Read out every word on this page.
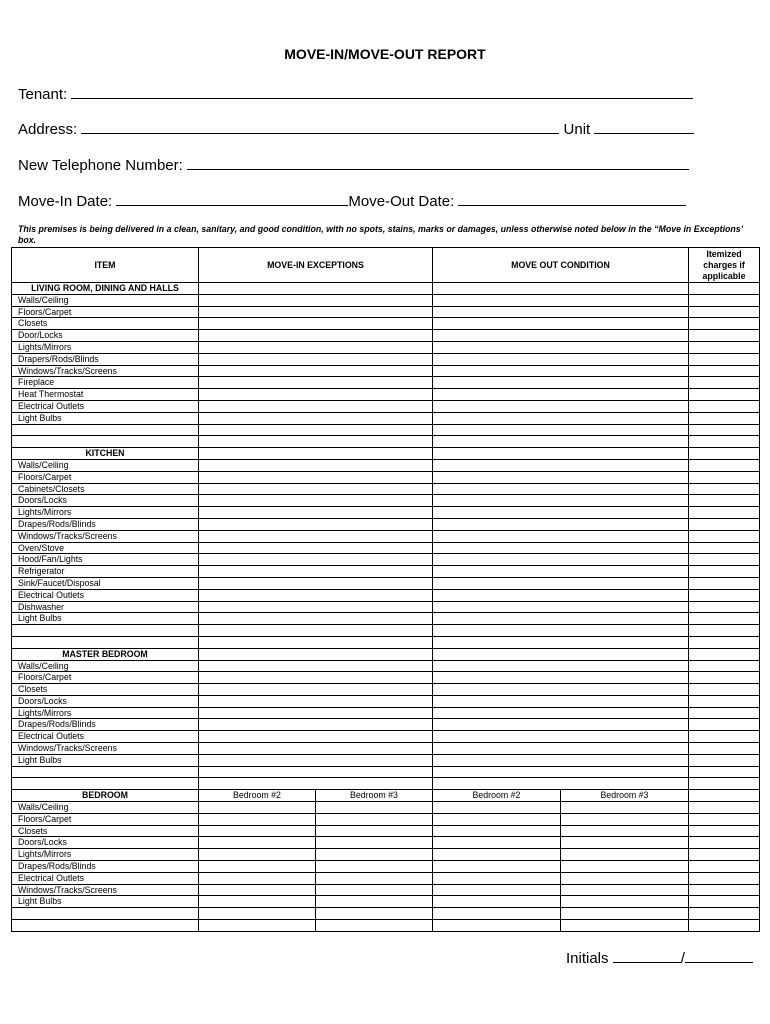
MOVE-IN/MOVE-OUT REPORT
Tenant:
Address:	Unit
New Telephone Number:
Move-In Date:	Move-Out Date:
This premises is being delivered in a clean, sanitary, and good condition, with no spots, stains, marks or damages, unless otherwise noted below in the “Move in Exceptions’ box.
ITEM	MOVE-IN EXCEPTIONS		MOVE OUT CONDITION		Itemized charges if applicable
LIVING ROOM, DINING AND HALLS					
Walls/Ceiling					
Floors/Carpet					
Closets					
Door/Locks					
Lights/Mirrors					
Drapers/Rods/Blinds					
Windows/Tracks/Screens					
Fireplace					
Heat Thermostat					
Electrical Outlets					
Light Bulbs					

KITCHEN					
Walls/Ceiling					
Floors/Carpet					
Cabinets/Closets					
Doors/Locks					
Lights/Mirrors					
Drapes/Rods/Blinds					
Windows/Tracks/Screens					
Oven/Stove					
Hood/Fan/Lights					
Refrigerator					
Sink/Faucet/Disposal					
Electrical Outlets					
Dishwasher					
Light Bulbs					

MASTER BEDROOM					
Walls/Ceiling					
Floors/Carpet					
Closets					
Doors/Locks					
Lights/Mirrors					
Drapes/Rods/Blinds					
Electrical Outlets					
Windows/Tracks/Screens					
Light Bulbs					

BEDROOM	Bedroom #2	Bedroom #3	Bedroom #2	Bedroom #3	
Walls/Ceiling					
Floors/Carpet					
Closets					
Doors/Locks					
Lights/Mirrors					
Drapes/Rods/Blinds					
Electrical Outlets					
Windows/Tracks/Screens					
Light Bulbs					

Initials	/
